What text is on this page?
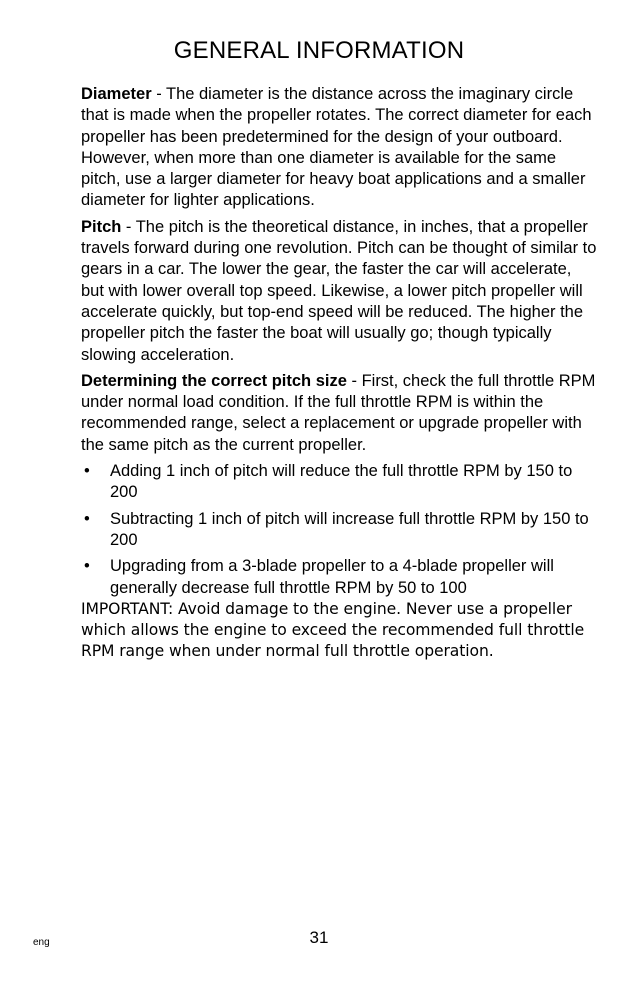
GENERAL INFORMATION

Diameter - The diameter is the distance across the imaginary circle that is made when the propeller rotates. The correct diameter for each propeller has been predetermined for the design of your outboard. However, when more than one diameter is available for the same pitch, use a larger diameter for heavy boat applications and a smaller diameter for lighter applications.

Pitch - The pitch is the theoretical distance, in inches, that a propeller travels forward during one revolution. Pitch can be thought of similar to gears in a car. The lower the gear, the faster the car will accelerate, but with lower overall top speed. Likewise, a lower pitch propeller will accelerate quickly, but top-end speed will be reduced. The higher the propeller pitch the faster the boat will usually go; though typically slowing acceleration.

Determining the correct pitch size - First, check the full throttle RPM under normal load condition. If the full throttle RPM is within the recommended range, select a replacement or upgrade propeller with the same pitch as the current propeller.

• Adding 1 inch of pitch will reduce the full throttle RPM by 150 to 200
• Subtracting 1 inch of pitch will increase full throttle RPM by 150 to 200
• Upgrading from a 3-blade propeller to a 4-blade propeller will generally decrease full throttle RPM by 50 to 100

IMPORTANT: Avoid damage to the engine. Never use a propeller which allows the engine to exceed the recommended full throttle RPM range when under normal full throttle operation.

eng	31
